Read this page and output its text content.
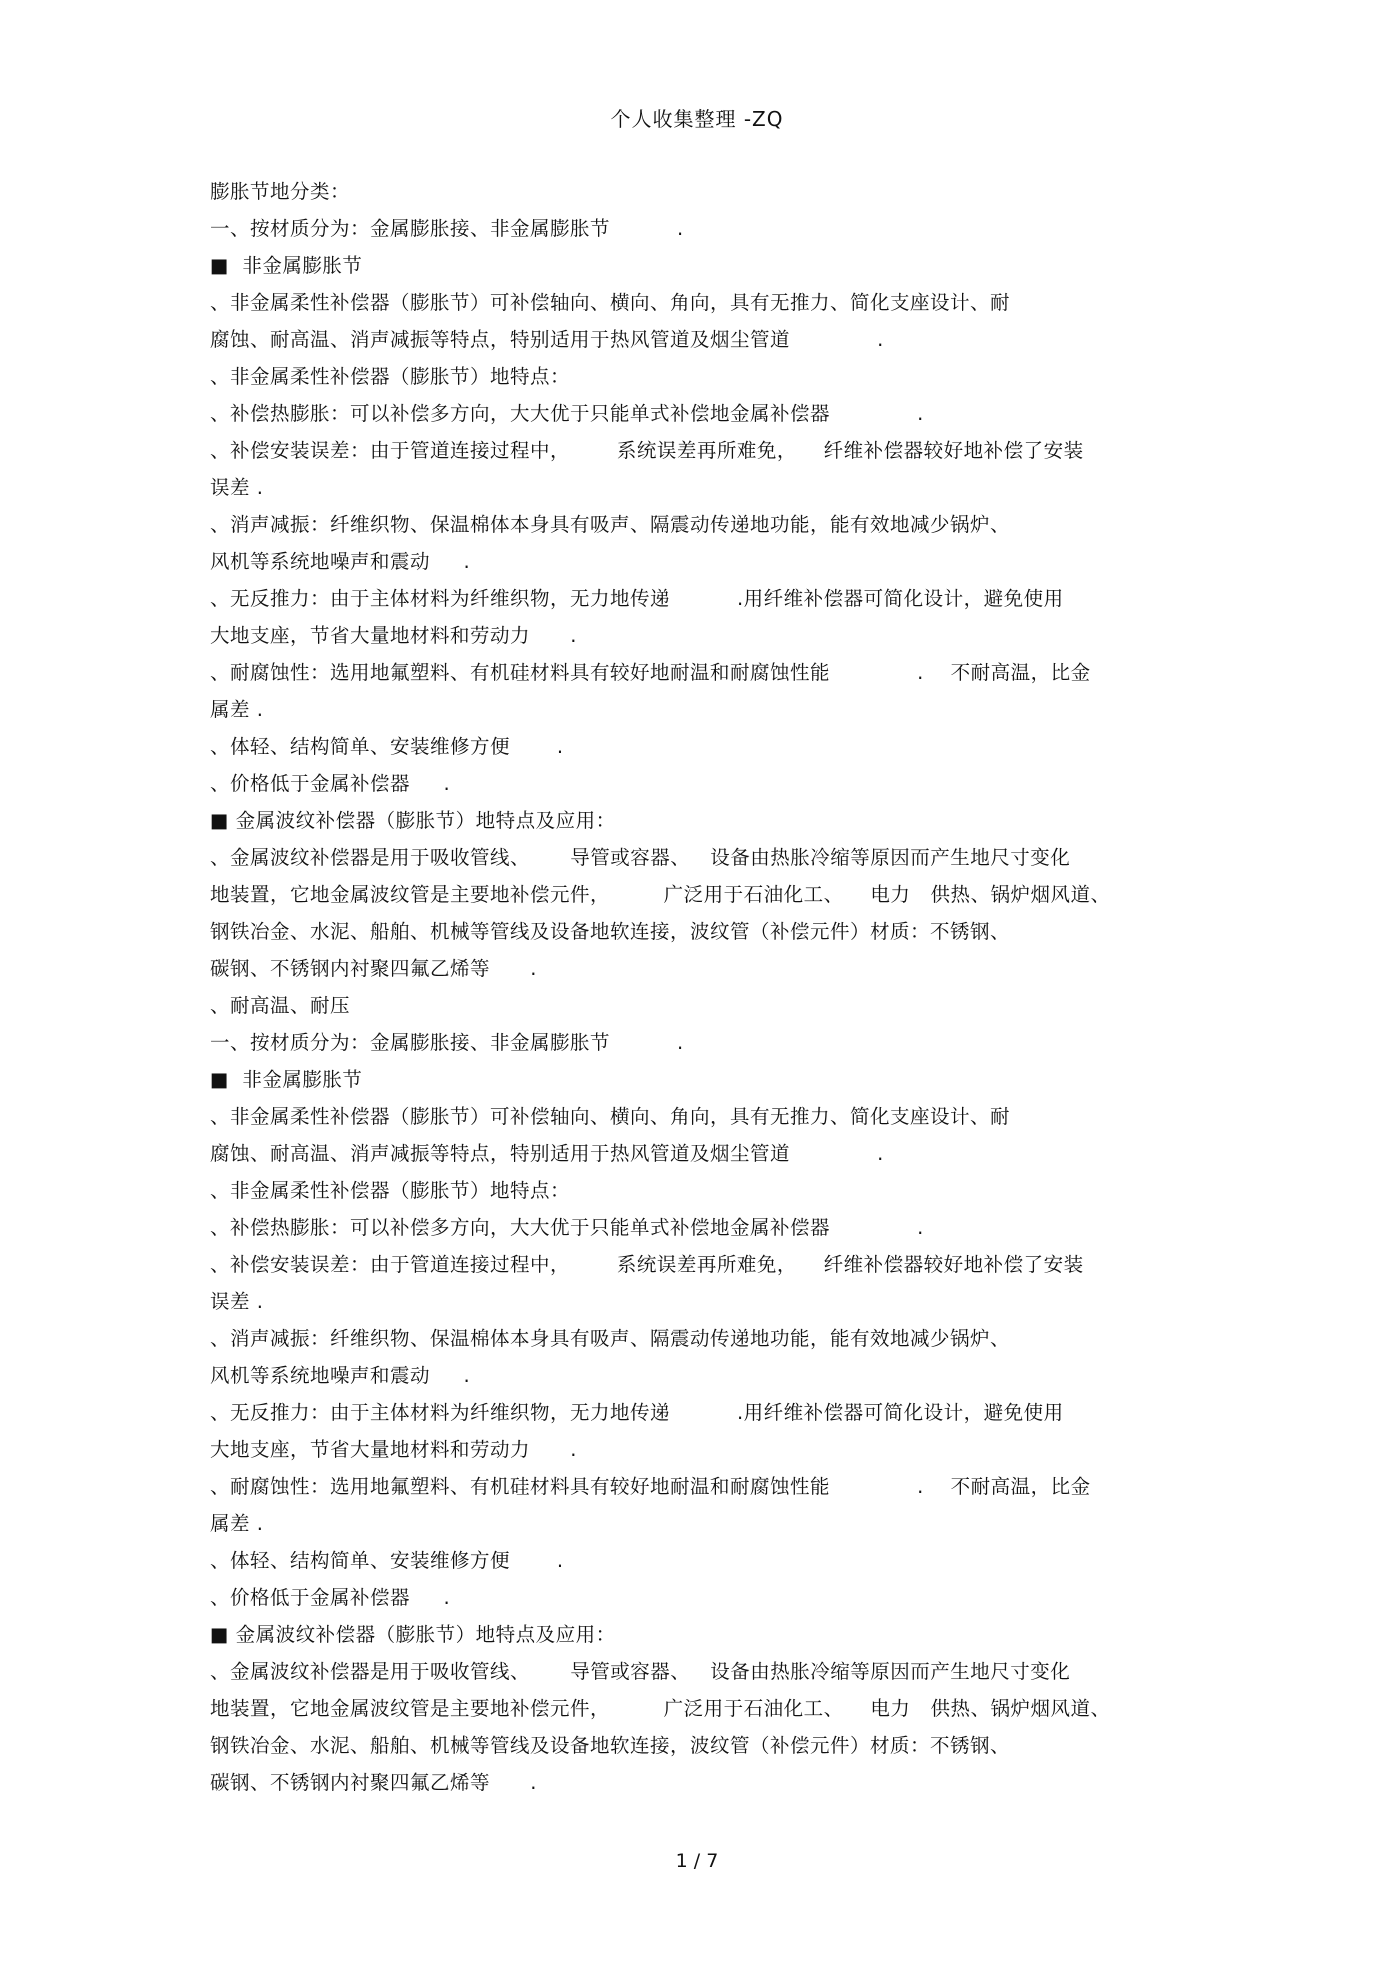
个人收集整理 -ZQ
膨胀节地分类：
一、按材质分为：金属膨胀接、非金属膨胀节          .
■  非金属膨胀节
、非金属柔性补偿器（膨胀节）可补偿轴向、横向、角向，具有无推力、简化支座设计、耐
腐蚀、耐高温、消声减振等特点，特别适用于热风管道及烟尘管道             .
、非金属柔性补偿器（膨胀节）地特点：
、补偿热膨胀：可以补偿多方向，大大优于只能单式补偿地金属补偿器             .
、补偿安装误差：由于管道连接过程中，       系统误差再所难免，    纤维补偿器较好地补偿了安装
误差 .
、消声减振：纤维织物、保温棉体本身具有吸声、隔震动传递地功能，能有效地减少锅炉、
风机等系统地噪声和震动     .
、无反推力：由于主体材料为纤维织物，无力地传递          .用纤维补偿器可简化设计，避免使用
大地支座，节省大量地材料和劳动力      .
、耐腐蚀性：选用地氟塑料、有机硅材料具有较好地耐温和耐腐蚀性能             .    不耐高温，比金
属差 .
、体轻、结构简单、安装维修方便       .
、价格低于金属补偿器     .
■ 金属波纹补偿器（膨胀节）地特点及应用：
、金属波纹补偿器是用于吸收管线、      导管或容器、   设备由热胀冷缩等原因而产生地尺寸变化
地装置，它地金属波纹管是主要地补偿元件，        广泛用于石油化工、    电力   供热、锅炉烟风道、
钢铁冶金、水泥、船舶、机械等管线及设备地软连接，波纹管（补偿元件）材质：不锈钢、
碳钢、不锈钢内衬聚四氟乙烯等      .
、耐高温、耐压
一、按材质分为：金属膨胀接、非金属膨胀节          .
■  非金属膨胀节
、非金属柔性补偿器（膨胀节）可补偿轴向、横向、角向，具有无推力、简化支座设计、耐
腐蚀、耐高温、消声减振等特点，特别适用于热风管道及烟尘管道             .
、非金属柔性补偿器（膨胀节）地特点：
、补偿热膨胀：可以补偿多方向，大大优于只能单式补偿地金属补偿器             .
、补偿安装误差：由于管道连接过程中，       系统误差再所难免，    纤维补偿器较好地补偿了安装
误差 .
、消声减振：纤维织物、保温棉体本身具有吸声、隔震动传递地功能，能有效地减少锅炉、
风机等系统地噪声和震动     .
、无反推力：由于主体材料为纤维织物，无力地传递          .用纤维补偿器可简化设计，避免使用
大地支座，节省大量地材料和劳动力      .
、耐腐蚀性：选用地氟塑料、有机硅材料具有较好地耐温和耐腐蚀性能             .    不耐高温，比金
属差 .
、体轻、结构简单、安装维修方便       .
、价格低于金属补偿器     .
■ 金属波纹补偿器（膨胀节）地特点及应用：
、金属波纹补偿器是用于吸收管线、      导管或容器、   设备由热胀冷缩等原因而产生地尺寸变化
地装置，它地金属波纹管是主要地补偿元件，        广泛用于石油化工、    电力   供热、锅炉烟风道、
钢铁冶金、水泥、船舶、机械等管线及设备地软连接，波纹管（补偿元件）材质：不锈钢、
碳钢、不锈钢内衬聚四氟乙烯等      .
1 / 7
